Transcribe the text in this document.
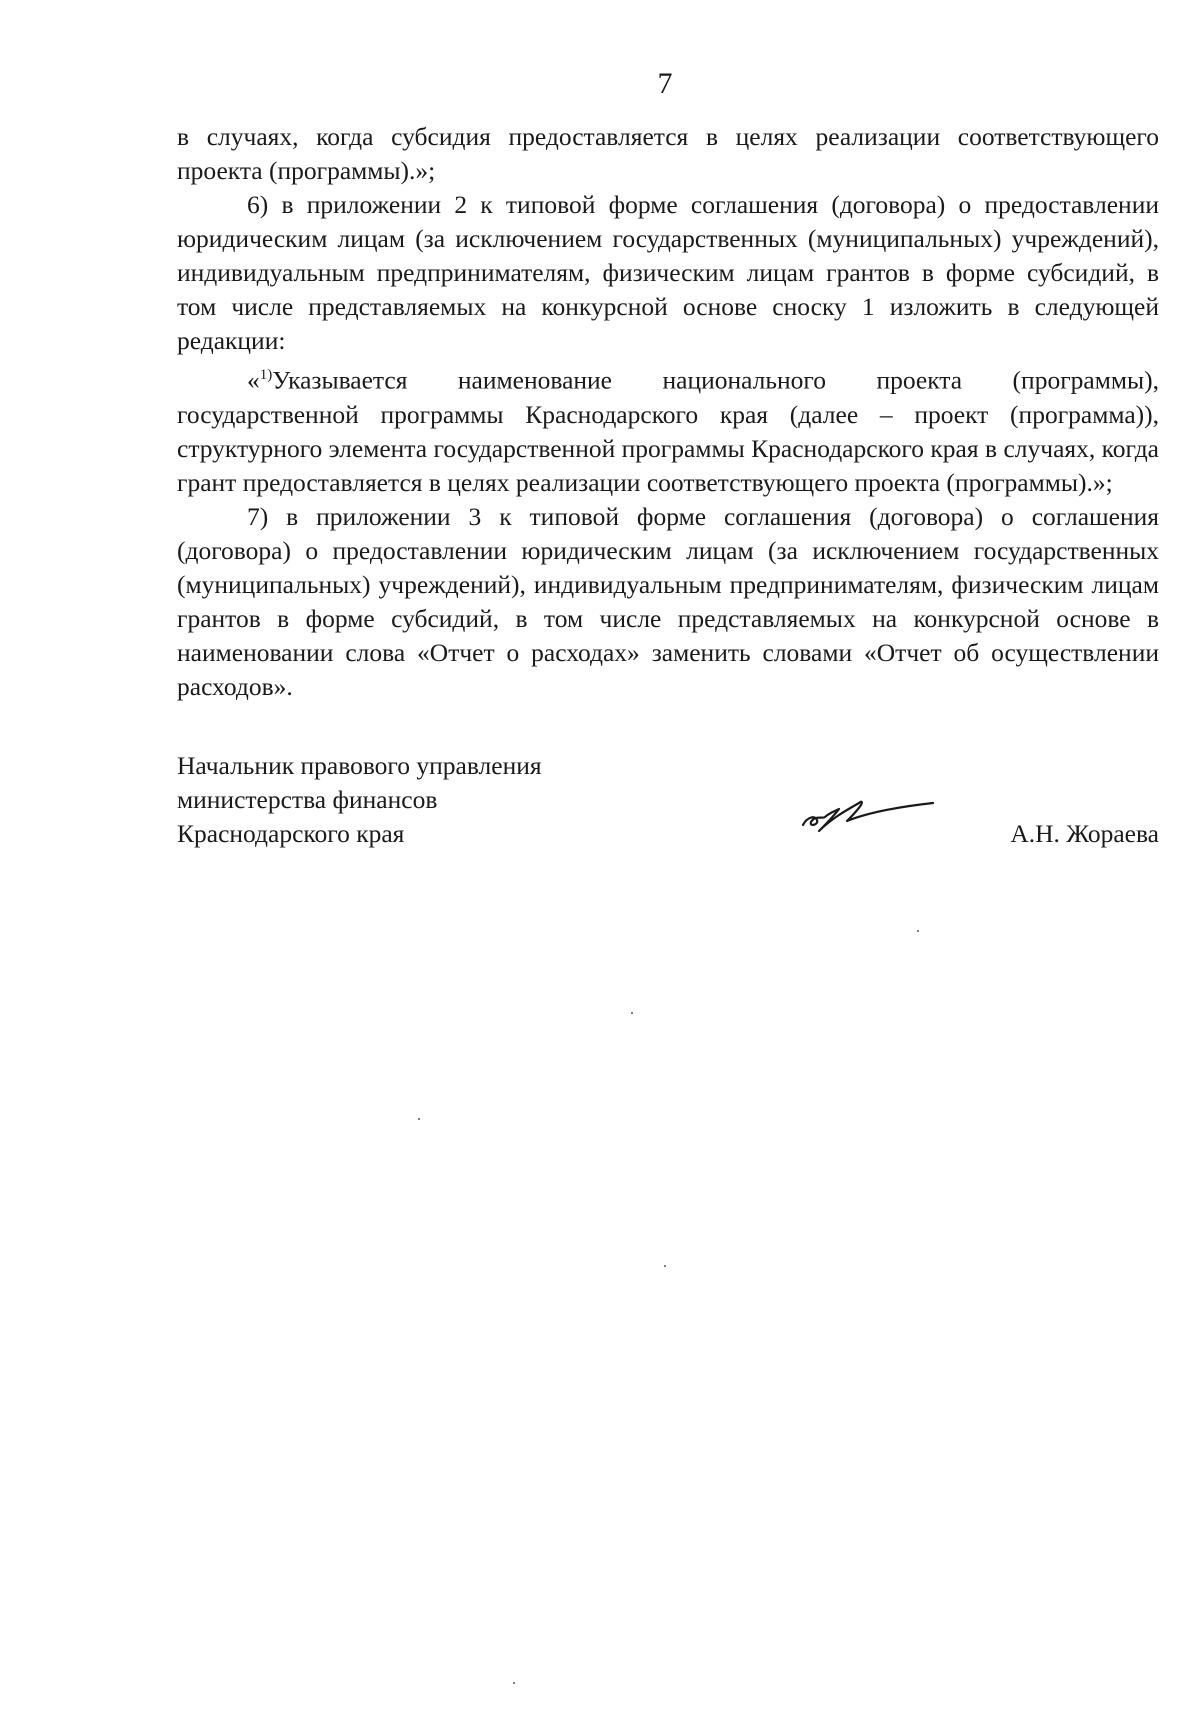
7

в случаях, когда субсидия предоставляется в целях реализации соответствующего проекта (программы).»;

6) в приложении 2 к типовой форме соглашения (договора) о предоставлении юридическим лицам (за исключением государственных (муниципальных) учреждений), индивидуальным предпринимателям, физическим лицам грантов в форме субсидий, в том числе представляемых на конкурсной основе сноску 1 изложить в следующей редакции:

«$^{1)}$Указывается наименование национального проекта (программы), государственной программы Краснодарского края (далее – проект (программа)), структурного элемента государственной программы Краснодарского края в случаях, когда грант предоставляется в целях реализации соответствующего проекта (программы).»;

7) в приложении 3 к типовой форме соглашения (договора) о соглашения (договора) о предоставлении юридическим лицам (за исключением государственных (муниципальных) учреждений), индивидуальным предпринимателям, физическим лицам грантов в форме субсидий, в том числе представляемых на конкурсной основе в наименовании слова «Отчет о расходах» заменить словами «Отчет об осуществлении расходов».

Начальник правового управления
министерства финансов
Краснодарского края	А.Н. Жораева
